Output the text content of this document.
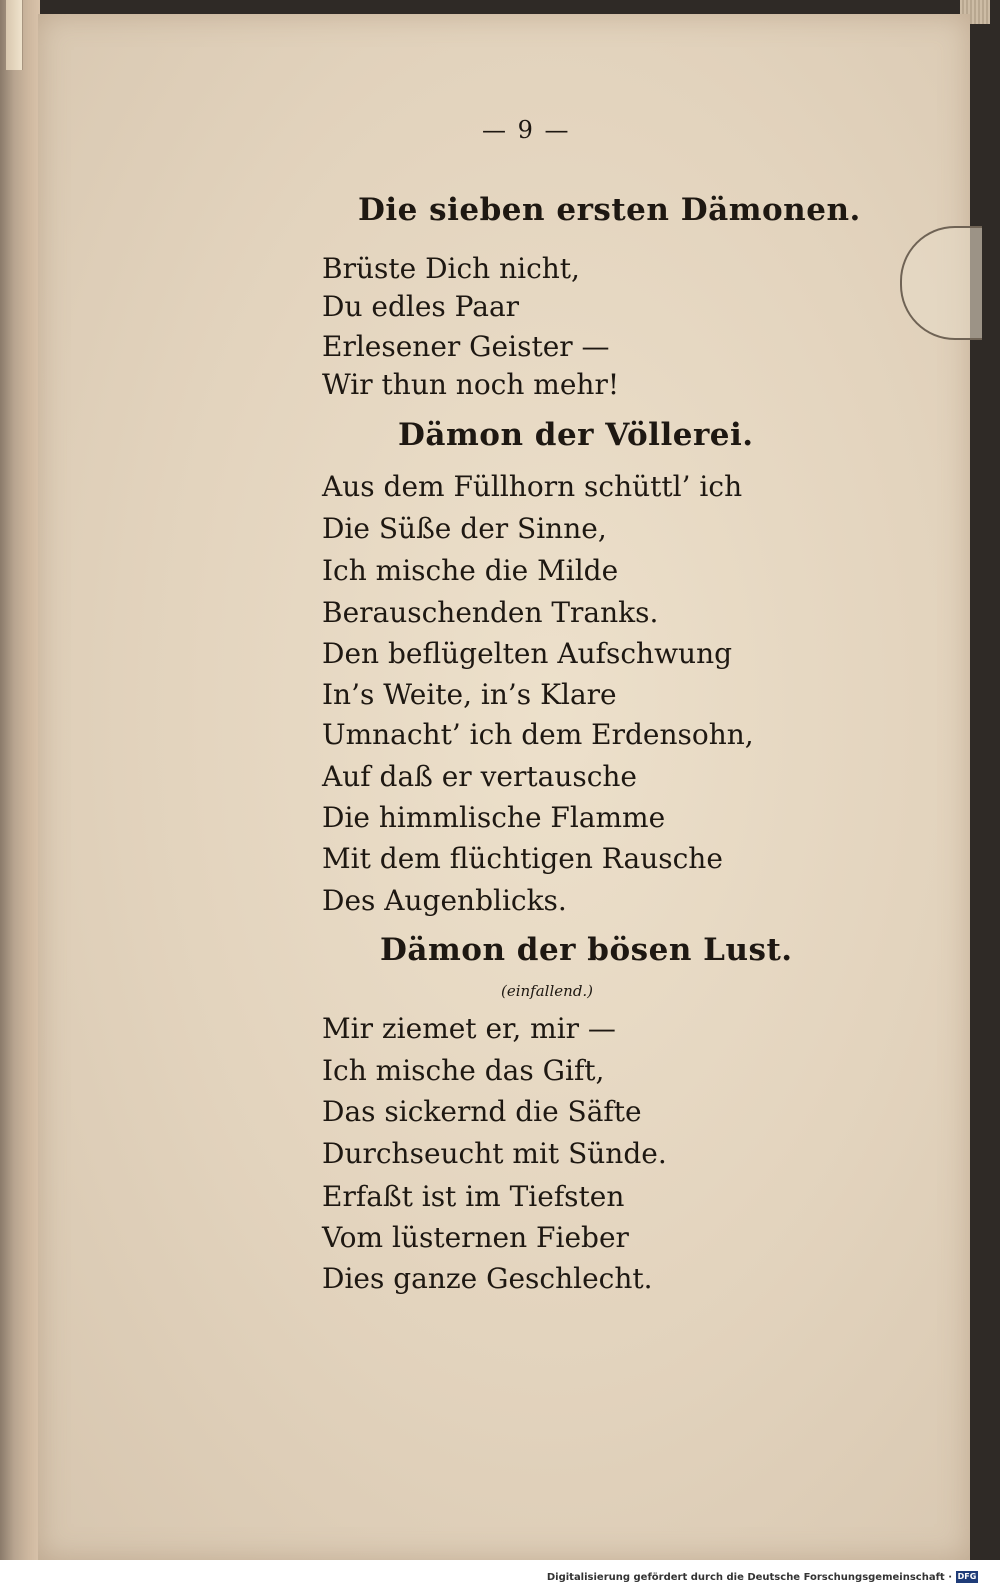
— 9 —
Die sieben ersten Dämonen.
Brüste Dich nicht,
Du edles Paar
Erlesener Geister —
Wir thun noch mehr!
Dämon der Völlerei.
Aus dem Füllhorn schüttl’ ich
Die Süße der Sinne,
Ich mische die Milde
Berauschenden Tranks.
Den beflügelten Aufschwung
In’s Weite, in’s Klare
Umnacht’ ich dem Erdensohn,
Auf daß er vertausche
Die himmlische Flamme
Mit dem flüchtigen Rausche
Des Augenblicks.
Dämon der bösen Lust.
(einfallend.)
Mir ziemet er, mir —
Ich mische das Gift,
Das sickernd die Säfte
Durchseucht mit Sünde.
Erfaßt ist im Tiefsten
Vom lüsternen Fieber
Dies ganze Geschlecht.
Digitalisierung gefördert durch die Deutsche Forschungsgemeinschaft · DFG
